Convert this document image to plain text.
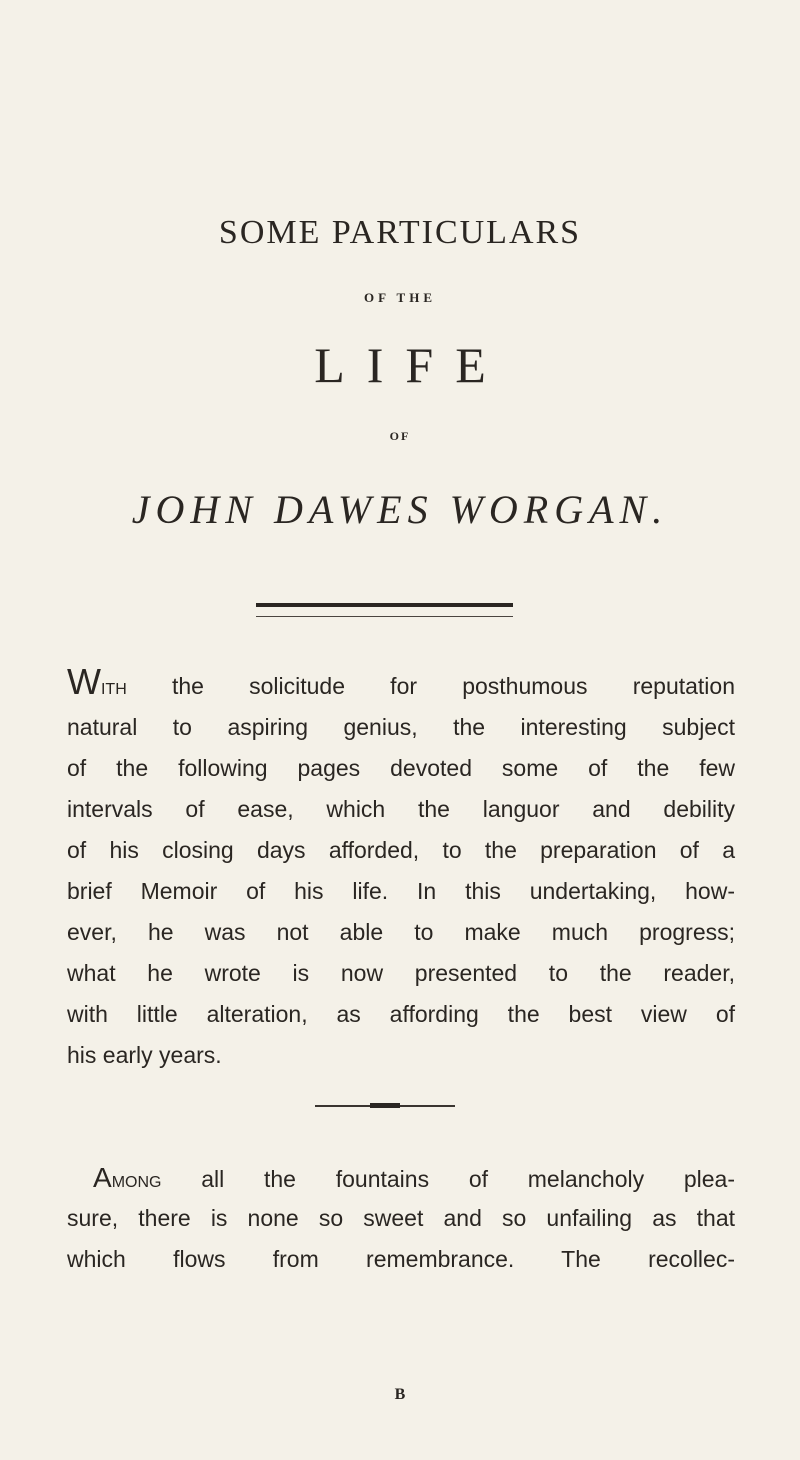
SOME PARTICULARS
OF THE
LIFE
OF
JOHN DAWES WORGAN.
With the solicitude for posthumous reputation
natural to aspiring genius, the interesting subject
of the following pages devoted some of the few
intervals of ease, which the languor and debility
of his closing days afforded, to the preparation of a
brief Memoir of his life. In this undertaking, how-
ever, he was not able to make much progress;
what he wrote is now presented to the reader,
with little alteration, as affording the best view of
his early years.
Among all the fountains of melancholy plea-
sure, there is none so sweet and so unfailing as that
which flows from remembrance. The recollec-
B
